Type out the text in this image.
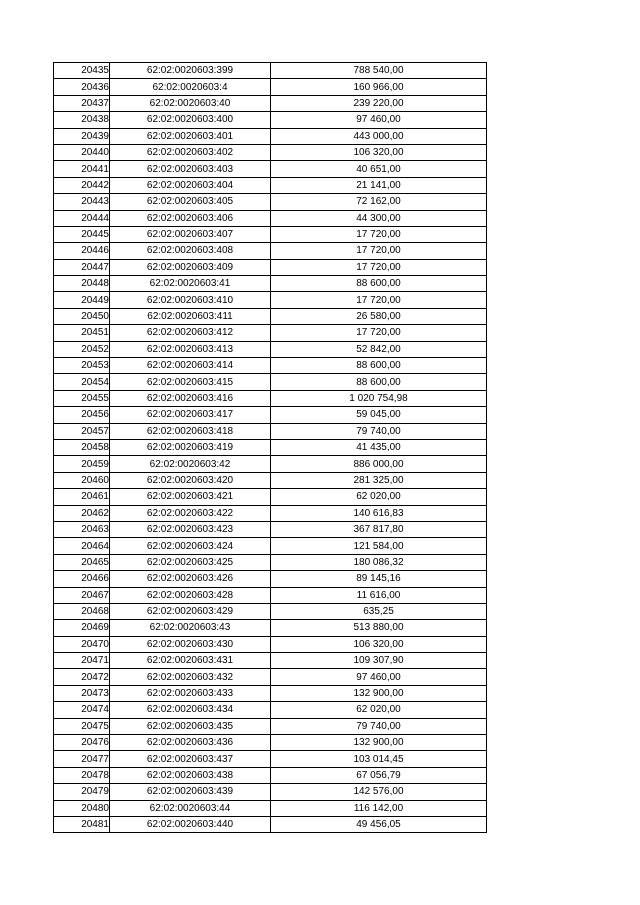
20435	62:02:0020603:399	788 540,00
20436	62:02:0020603:4	160 966,00
20437	62:02:0020603:40	239 220,00
20438	62:02:0020603:400	97 460,00
20439	62:02:0020603:401	443 000,00
20440	62:02:0020603:402	106 320,00
20441	62:02:0020603:403	40 651,00
20442	62:02:0020603:404	21 141,00
20443	62:02:0020603:405	72 162,00
20444	62:02:0020603:406	44 300,00
20445	62:02:0020603:407	17 720,00
20446	62:02:0020603:408	17 720,00
20447	62:02:0020603:409	17 720,00
20448	62:02:0020603:41	88 600,00
20449	62:02:0020603:410	17 720,00
20450	62:02:0020603:411	26 580,00
20451	62:02:0020603:412	17 720,00
20452	62:02:0020603:413	52 842,00
20453	62:02:0020603:414	88 600,00
20454	62:02:0020603:415	88 600,00
20455	62:02:0020603:416	1 020 754,98
20456	62:02:0020603:417	59 045,00
20457	62:02:0020603:418	79 740,00
20458	62:02:0020603:419	41 435,00
20459	62:02:0020603:42	886 000,00
20460	62:02:0020603:420	281 325,00
20461	62:02:0020603:421	62 020,00
20462	62:02:0020603:422	140 616,83
20463	62:02:0020603:423	367 817,80
20464	62:02:0020603:424	121 584,00
20465	62:02:0020603:425	180 086,32
20466	62:02:0020603:426	89 145,16
20467	62:02:0020603:428	11 616,00
20468	62:02:0020603:429	635,25
20469	62:02:0020603:43	513 880,00
20470	62:02:0020603:430	106 320,00
20471	62:02:0020603:431	109 307,90
20472	62:02:0020603:432	97 460,00
20473	62:02:0020603:433	132 900,00
20474	62:02:0020603:434	62 020,00
20475	62:02:0020603:435	79 740,00
20476	62:02:0020603:436	132 900,00
20477	62:02:0020603:437	103 014,45
20478	62:02:0020603:438	67 056,79
20479	62:02:0020603:439	142 576,00
20480	62:02:0020603:44	116 142,00
20481	62:02:0020603:440	49 456,05
